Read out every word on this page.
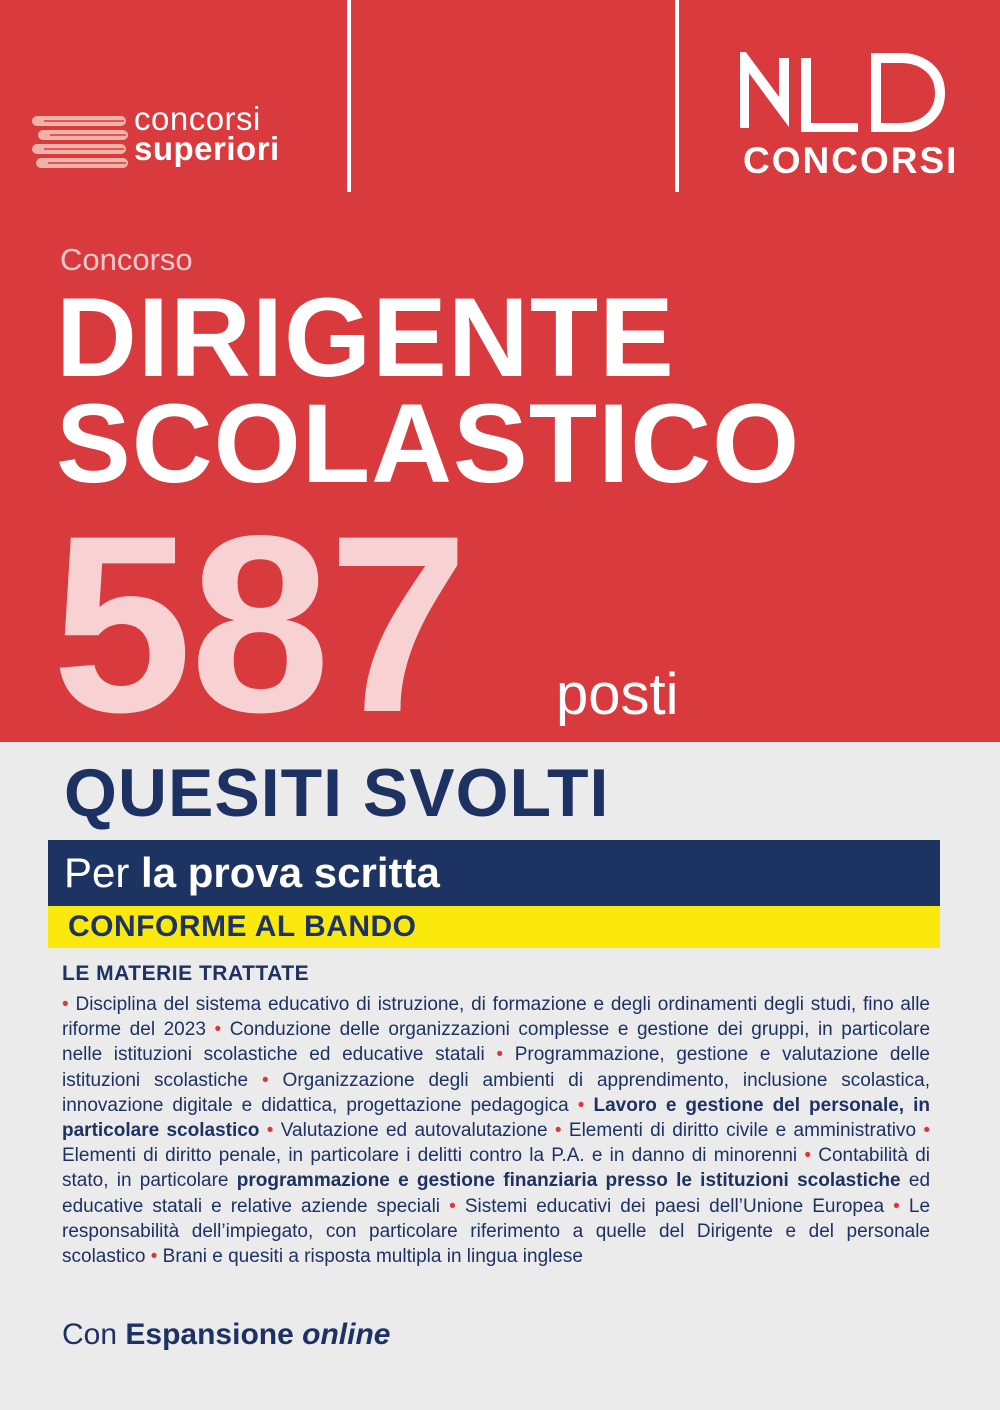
concorsi
superiori	CONCORSI
Concorso
DIRIGENTE
SCOLASTICO
587 posti
QUESITI SVOLTI
Per la prova scritta
CONFORME AL BANDO
LE MATERIE TRATTATE
• Disciplina del sistema educativo di istruzione, di formazione e degli ordinamenti degli studi, fino alle riforme del 2023 • Conduzione delle organizzazioni complesse e gestione dei gruppi, in particolare nelle istituzioni scolastiche ed educative statali • Programmazione, gestione e valutazione delle istituzioni scolastiche • Organizzazione degli ambienti di apprendimento, inclusione scolastica, innovazione digitale e didattica, progettazione pedagogica • Lavoro e gestione del personale, in particolare scolastico • Valutazione ed autovalutazione • Elementi di diritto civile e amministrativo • Elementi di diritto penale, in particolare i delitti contro la P.A. e in danno di minorenni • Contabilità di stato, in particolare programmazione e gestione finanziaria presso le istituzioni scolastiche ed educative statali e relative aziende speciali • Sistemi educativi dei paesi dell’Unione Europea • Le responsabilità dell’impiegato, con particolare riferimento a quelle del Dirigente e del personale scolastico • Brani e quesiti a risposta multipla in lingua inglese
Con Espansione online
